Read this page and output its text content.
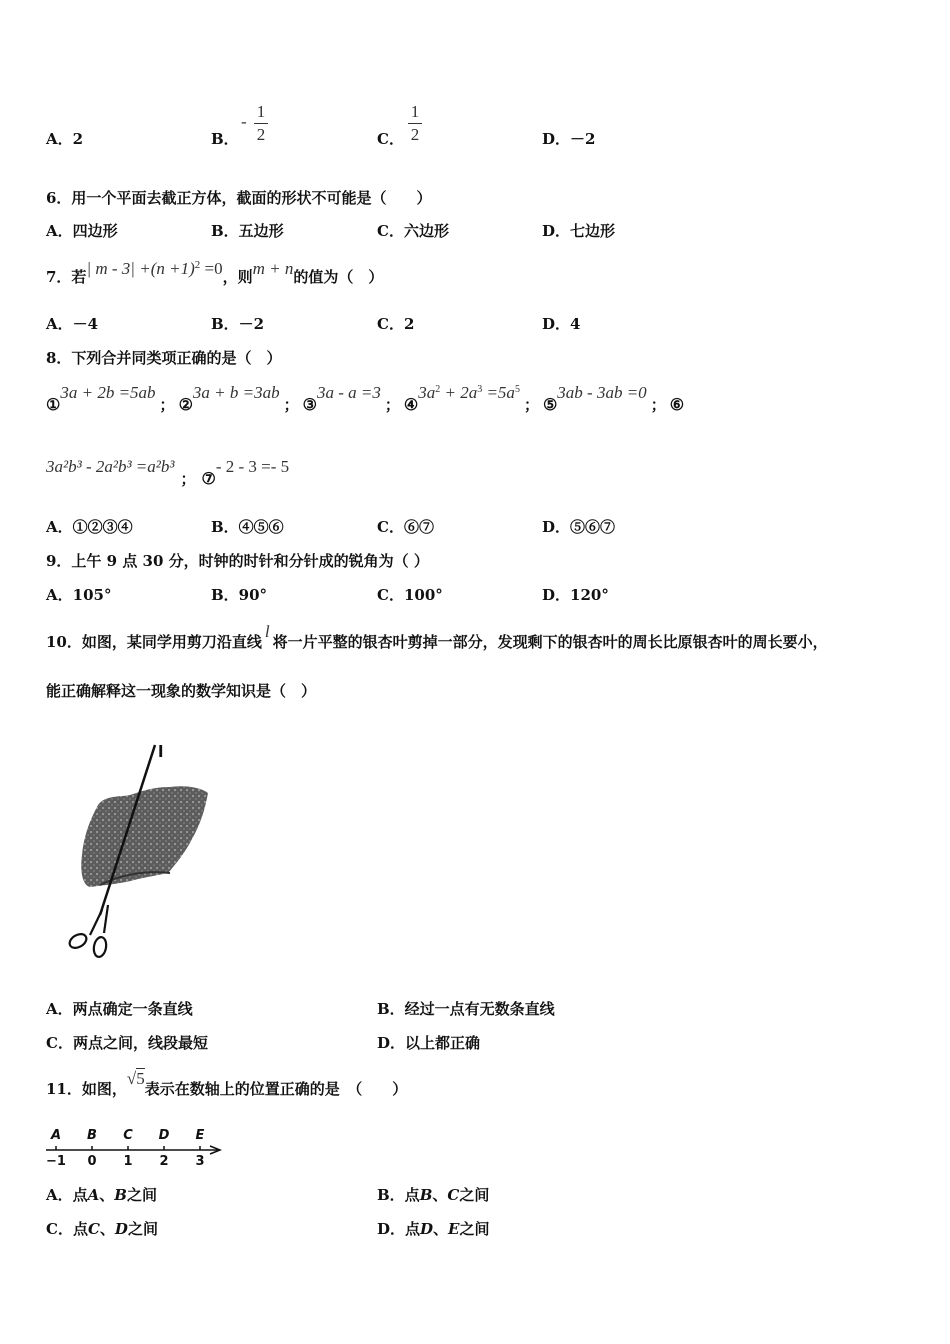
A．2	B．
-
1
2	C．
1
2	D．－2
6．用一个平面去截正方体，截面的形状不可能是（　　）
A．四边形	B．五边形	C．六边形	D．七边形
7．若| $m - 3| +(n +1)^2 =0$，则m + n的值为（　）
A．－4	B．－2	C．2	D．4
8．下列合并同类项正确的是（　）
①3a + 2b =5ab； ②3a + b =3ab； ③3a - a =3； $④3a^2 + 2a^3 =5a^5$； ⑤3ab - 3ab =0； ⑥
3a²b³ - 2a²b³ =a²b³； ⑦- 2 - 3 =- 5
A．①②③④	B．④⑤⑥	C．⑥⑦	D．⑤⑥⑦
9．上午 9 点 30 分，时钟的时针和分针成的锐角为（ ）
A．105°	B．90°	C．100°	D．120°
10．如图，某同学用剪刀沿直线l将一片平整的银杏叶剪掉一部分，发现剩下的银杏叶的周长比原银杏叶的周长要小，
能正确解释这一现象的数学知识是（　）
l
A．两点确定一条直线	B．经过一点有无数条直线
C．两点之间，线段最短	D．以上都正确
11．如图，√5表示在数轴上的位置正确的是　（　　）
−1
A
0
B
1
C
2
D
3
E
A．点A、B之间	B．点B、C之间
C．点C、D之间	D．点D、E之间
